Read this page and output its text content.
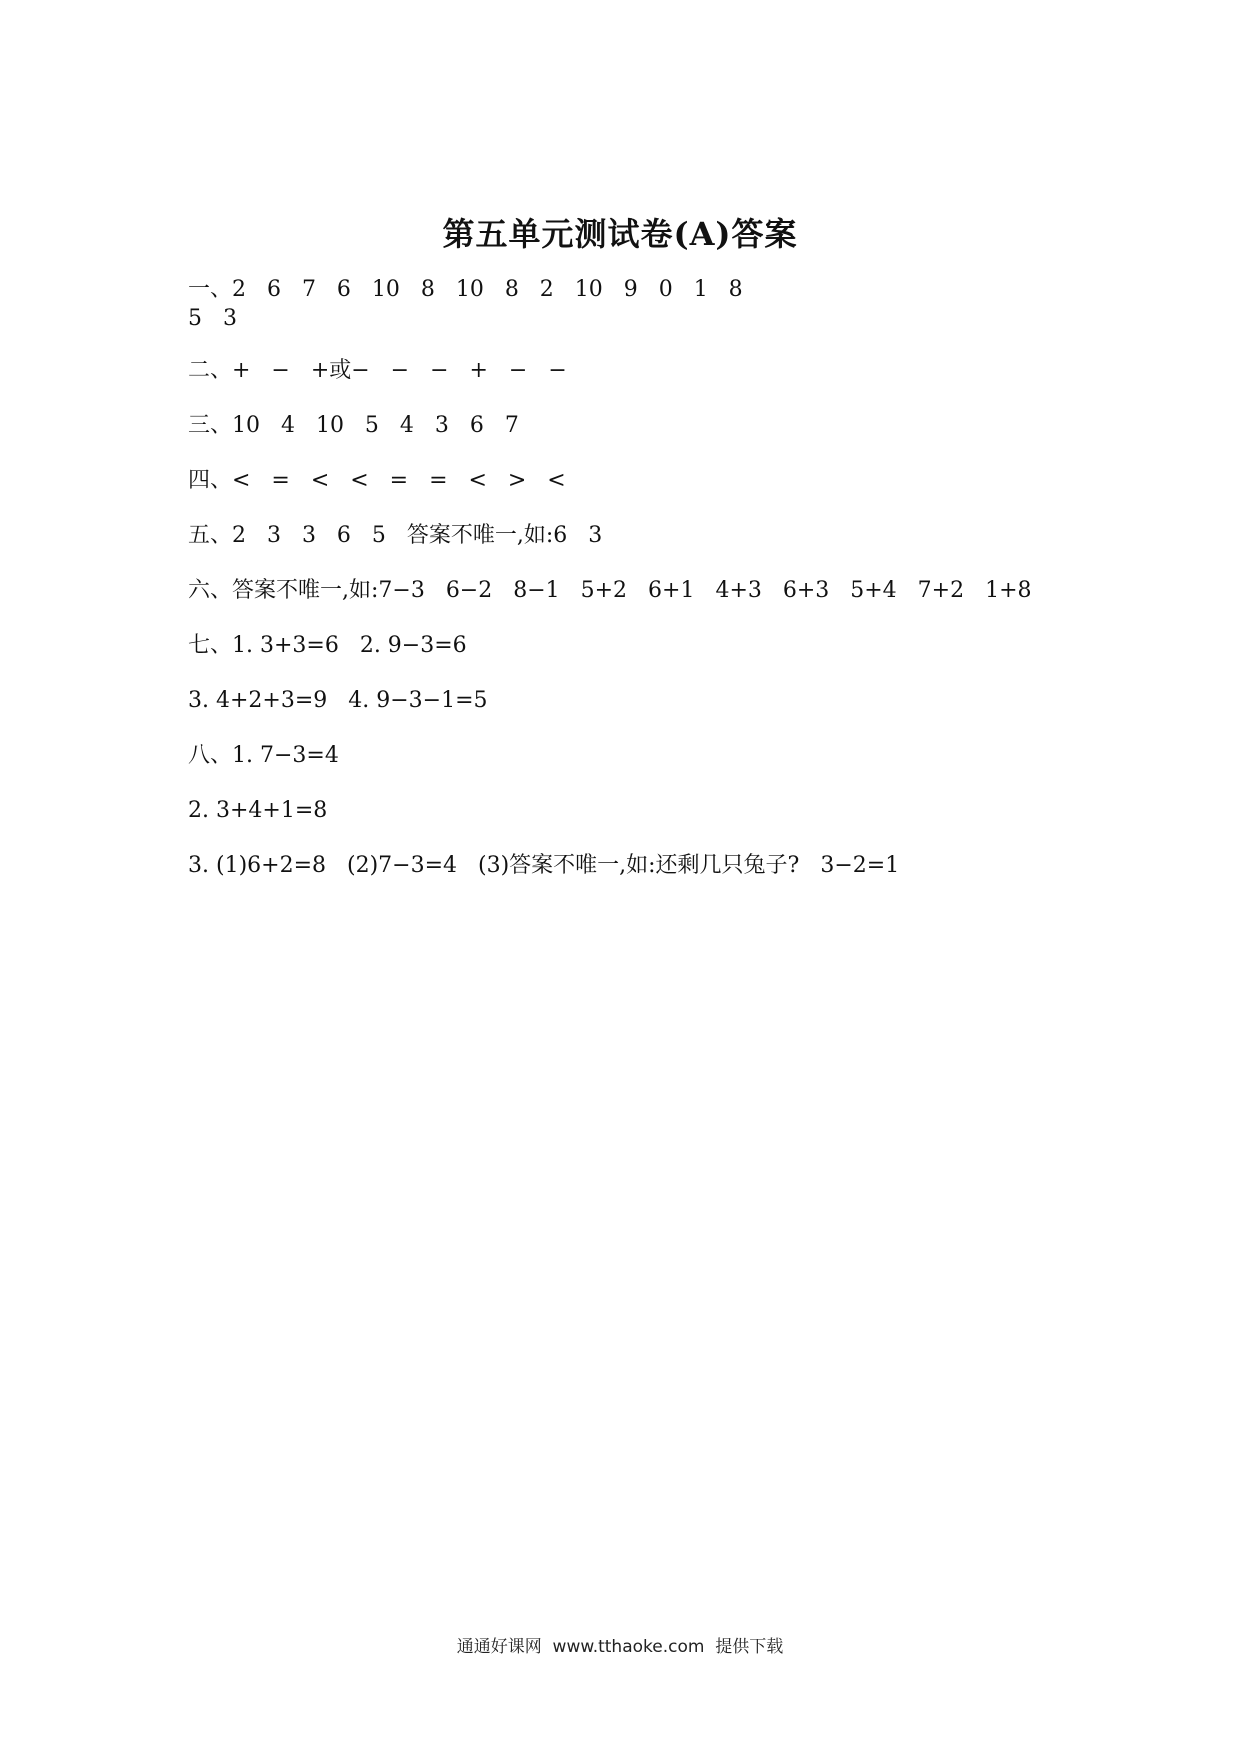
第五单元测试卷(A)答案
一、2   6   7   6   10   8   10   8   2   10   9   0   1   8
5   3
二、+   −   +或−   −   −   +   −   −
三、10   4   10   5   4   3   6   7
四、<   =   <   <   =   =   <   >   <
五、2   3   3   6   5   答案不唯一,如:6   3
六、答案不唯一,如:7−3   6−2   8−1   5+2   6+1   4+3   6+3   5+4   7+2   1+8
七、1. 3+3=6   2. 9−3=6
3. 4+2+3=9   4. 9−3−1=5
八、1. 7−3=4
2. 3+4+1=8
3. (1)6+2=8   (2)7−3=4   (3)答案不唯一,如:还剩几只兔子?   3−2=1
通通好课网  www.tthaoke.com  提供下载
